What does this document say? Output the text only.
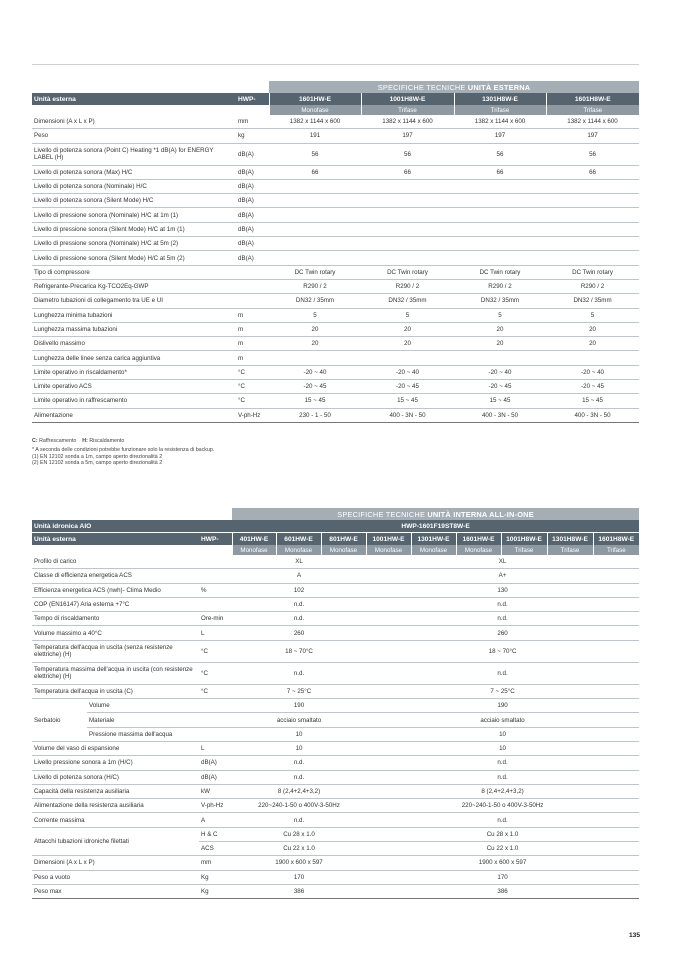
		SPECIFICHE TECNICHE UNITÀ ESTERNA			
Unità esterna	HWP-	1601HW-E	1001H8W-E	1301H8W-E	1601H8W-E
		Monofase	Trifase	Trifase	Trifase
Dimensioni (A x L x P)	mm	1382 x 1144 x 600	1382 x 1144 x 600	1382 x 1144 x 600	1382 x 1144 x 600
Peso	kg	191	197	197	197
Livello di potenza sonora (Point C) Heating *1 dB(A) for ENERGY LABEL (H)	dB(A)	56	56	56	56
Livello di potenza sonora (Max) H/C	dB(A)	66	66	66	66
Livello di potenza sonora (Nominale) H/C	dB(A)				
Livello di potenza sonora (Silent Mode) H/C	dB(A)				
Livello di pressione sonora (Nominale) H/C at 1m (1)	dB(A)				
Livello di pressione sonora (Silent Mode) H/C at 1m (1)	dB(A)				
Livello di pressione sonora (Nominale) H/C at 5m (2)	dB(A)				
Livello di pressione sonora (Silent Mode) H/C at 5m (2)	dB(A)				
Tipo di compressore		DC Twin rotary	DC Twin rotary	DC Twin rotary	DC Twin rotary
Refrigerante-Precarica Kg-TCO2Eq-GWP		R290 / 2	R290 / 2	R290 / 2	R290 / 2
Diametro tubazioni di collegamento tra UE e UI		DN32 / 35mm	DN32 / 35mm	DN32 / 35mm	DN32 / 35mm
Lunghezza minima tubazioni	m	5	5	5	5
Lunghezza massima tubazioni	m	20	20	20	20
Dislivello massimo	m	20	20	20	20
Lunghezza delle linee senza carica aggiuntiva	m				
Limite operativo in riscaldamento*	°C	-20 ~ 40	-20 ~ 40	-20 ~ 40	-20 ~ 40
Limite operativo ACS	°C	-20 ~ 45	-20 ~ 45	-20 ~ 45	-20 ~ 45
Limite operativo in raffrescamento	°C	15 ~ 45	15 ~ 45	15 ~ 45	15 ~ 45
Alimentazione	V-ph-Hz	230 - 1 - 50	400 - 3N - 50	400 - 3N - 50	400 - 3N - 50
C: Raffrescamento H: Riscaldamento
* A seconda delle condizioni potrebbe funzionare solo la resistenza di backup.
(1) EN 12102 sonda a 1m, campo aperto direzionalità 2
(2) EN 12102 sonda a 5m, campo aperto direzionalità 2
			SPECIFICHE TECNICHE UNITÀ INTERNA ALL-IN-ONE								
Unità idronica AIO			HWP-1601F19ST8W-E								
Unità esterna		HWP-	401HW-E	601HW-E	801HW-E	1001HW-E	1301HW-E	1601HW-E	1001H8W-E	1301H8W-E	1601H8W-E
			Monofase	Monofase	Monofase	Monofase	Monofase	Monofase	Trifase	Trifase	Trifase
Profilo di carico			XL			XL					
Classe di efficienza energetica ACS			A			A+					
Efficienza energetica ACS (nwh)- Clima Medio		%	102			130					
COP (EN16147) Aria esterna +7°C			n.d.			n.d.					
Tempo di riscaldamento		Ore-min	n.d.			n.d.					
Volume massimo a 40°C		L	260			260					
Temperatura dell'acqua in uscita (senza resistenze elettriche) (H)		°C	18 ~ 70°C			18 ~ 70°C					
Temperatura massima dell'acqua in uscita (con resistenze elettriche) (H)		°C	n.d.			n.d.					
Temperatura dell'acqua in uscita (C)		°C	7 ~ 25°C			7 ~ 25°C					
Serbatoio	Volume		190			190					
	Materiale		acciaio smaltato			acciaio smaltato					
	Pressione massima dell'acqua		10			10					
Volume del vaso di espansione		L	10			10					
Livello pressione sonora a 1m (H/C)		dB(A)	n.d.			n.d.					
Livello di potenza sonora (H/C)		dB(A)	n.d.			n.d.					
Capacità della resistenza ausiliaria		kW	8 (2,4+2,4+3,2)			8 (2,4+2,4+3,2)					
Alimentazione della resistenza ausiliaria		V-ph-Hz	220~240-1-50 o 400V-3-50Hz			220~240-1-50 o 400V-3-50Hz					
Corrente massima		A	n.d.			n.d.					
Attacchi tubazioni idroniche filettati		H & C	Cu 28 x 1.0			Cu 28 x 1.0					
		ACS	Cu 22 x 1.0			Cu 22 x 1.0					
Dimensioni (A x L x P)		mm	1900 x 600 x 597			1900 x 600 x 597					
Peso a vuoto		Kg	170			170					
Peso max		Kg	386			386					
135
